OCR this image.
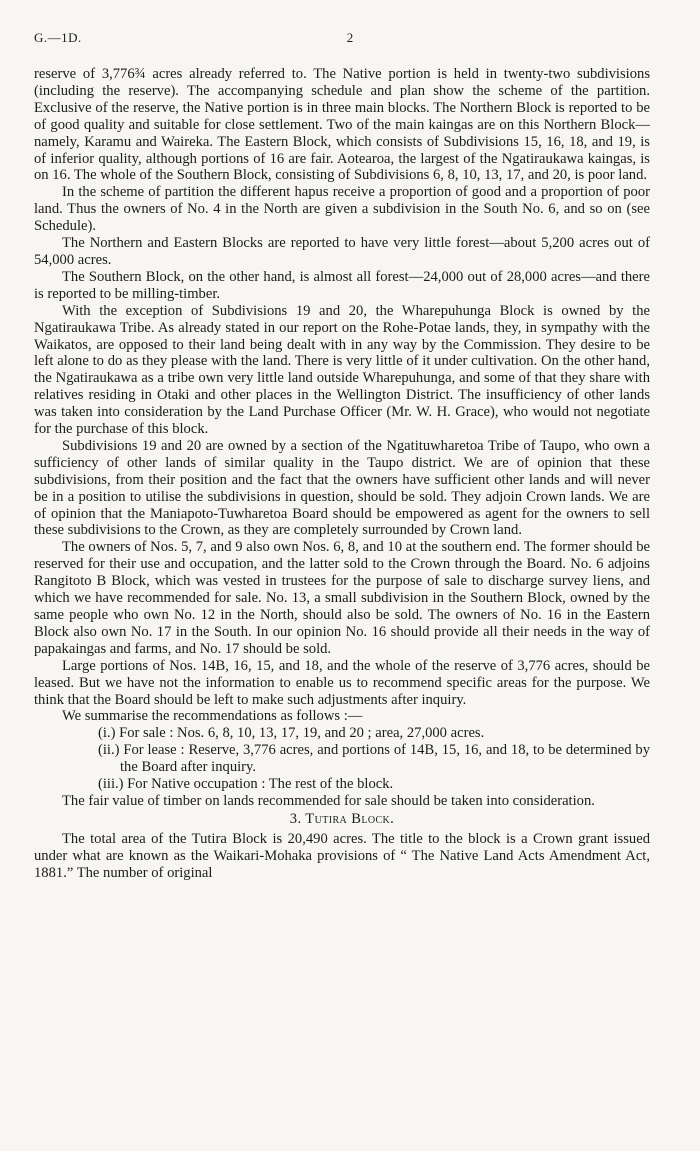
G.—1D.	2

reserve of 3,776¾ acres already referred to. The Native portion is held in twenty-two subdivisions (including the reserve). The accompanying schedule and plan show the scheme of the partition. Exclusive of the reserve, the Native portion is in three main blocks. The Northern Block is reported to be of good quality and suitable for close settlement. Two of the main kaingas are on this Northern Block—namely, Karamu and Waireka. The Eastern Block, which consists of Subdivisions 15, 16, 18, and 19, is of inferior quality, although portions of 16 are fair. Aotearoa, the largest of the Ngatiraukawa kaingas, is on 16. The whole of the Southern Block, consisting of Subdivisions 6, 8, 10, 13, 17, and 20, is poor land.

In the scheme of partition the different hapus receive a proportion of good and a proportion of poor land. Thus the owners of No. 4 in the North are given a subdivision in the South No. 6, and so on (see Schedule).

The Northern and Eastern Blocks are reported to have very little forest—about 5,200 acres out of 54,000 acres.

The Southern Block, on the other hand, is almost all forest—24,000 out of 28,000 acres—and there is reported to be milling-timber.

With the exception of Subdivisions 19 and 20, the Wharepuhunga Block is owned by the Ngatiraukawa Tribe. As already stated in our report on the Rohe-Potae lands, they, in sympathy with the Waikatos, are opposed to their land being dealt with in any way by the Commission. They desire to be left alone to do as they please with the land. There is very little of it under cultivation. On the other hand, the Ngatiraukawa as a tribe own very little land outside Wharepuhunga, and some of that they share with relatives residing in Otaki and other places in the Wellington District. The insufficiency of other lands was taken into consideration by the Land Purchase Officer (Mr. W. H. Grace), who would not negotiate for the purchase of this block.

Subdivisions 19 and 20 are owned by a section of the Ngatituwharetoa Tribe of Taupo, who own a sufficiency of other lands of similar quality in the Taupo district. We are of opinion that these subdivisions, from their position and the fact that the owners have sufficient other lands and will never be in a position to utilise the subdivisions in question, should be sold. They adjoin Crown lands. We are of opinion that the Maniapoto-Tuwharetoa Board should be empowered as agent for the owners to sell these subdivisions to the Crown, as they are completely surrounded by Crown land.

The owners of Nos. 5, 7, and 9 also own Nos. 6, 8, and 10 at the southern end. The former should be reserved for their use and occupation, and the latter sold to the Crown through the Board. No. 6 adjoins Rangitoto B Block, which was vested in trustees for the purpose of sale to discharge survey liens, and which we have recommended for sale. No. 13, a small subdivision in the Southern Block, owned by the same people who own No. 12 in the North, should also be sold. The owners of No. 16 in the Eastern Block also own No. 17 in the South. In our opinion No. 16 should provide all their needs in the way of papakaingas and farms, and No. 17 should be sold.

Large portions of Nos. 14B, 16, 15, and 18, and the whole of the reserve of 3,776 acres, should be leased. But we have not the information to enable us to recommend specific areas for the purpose. We think that the Board should be left to make such adjustments after inquiry.

We summarise the recommendations as follows :—

(i.) For sale : Nos. 6, 8, 10, 13, 17, 19, and 20 ; area, 27,000 acres.

(ii.) For lease : Reserve, 3,776 acres, and portions of 14B, 15, 16, and 18, to be determined by the Board after inquiry.

(iii.) For Native occupation : The rest of the block.

The fair value of timber on lands recommended for sale should be taken into consideration.

3. Tutira Block.

The total area of the Tutira Block is 20,490 acres. The title to the block is a Crown grant issued under what are known as the Waikari-Mohaka provisions of “ The Native Land Acts Amendment Act, 1881.” The number of original
